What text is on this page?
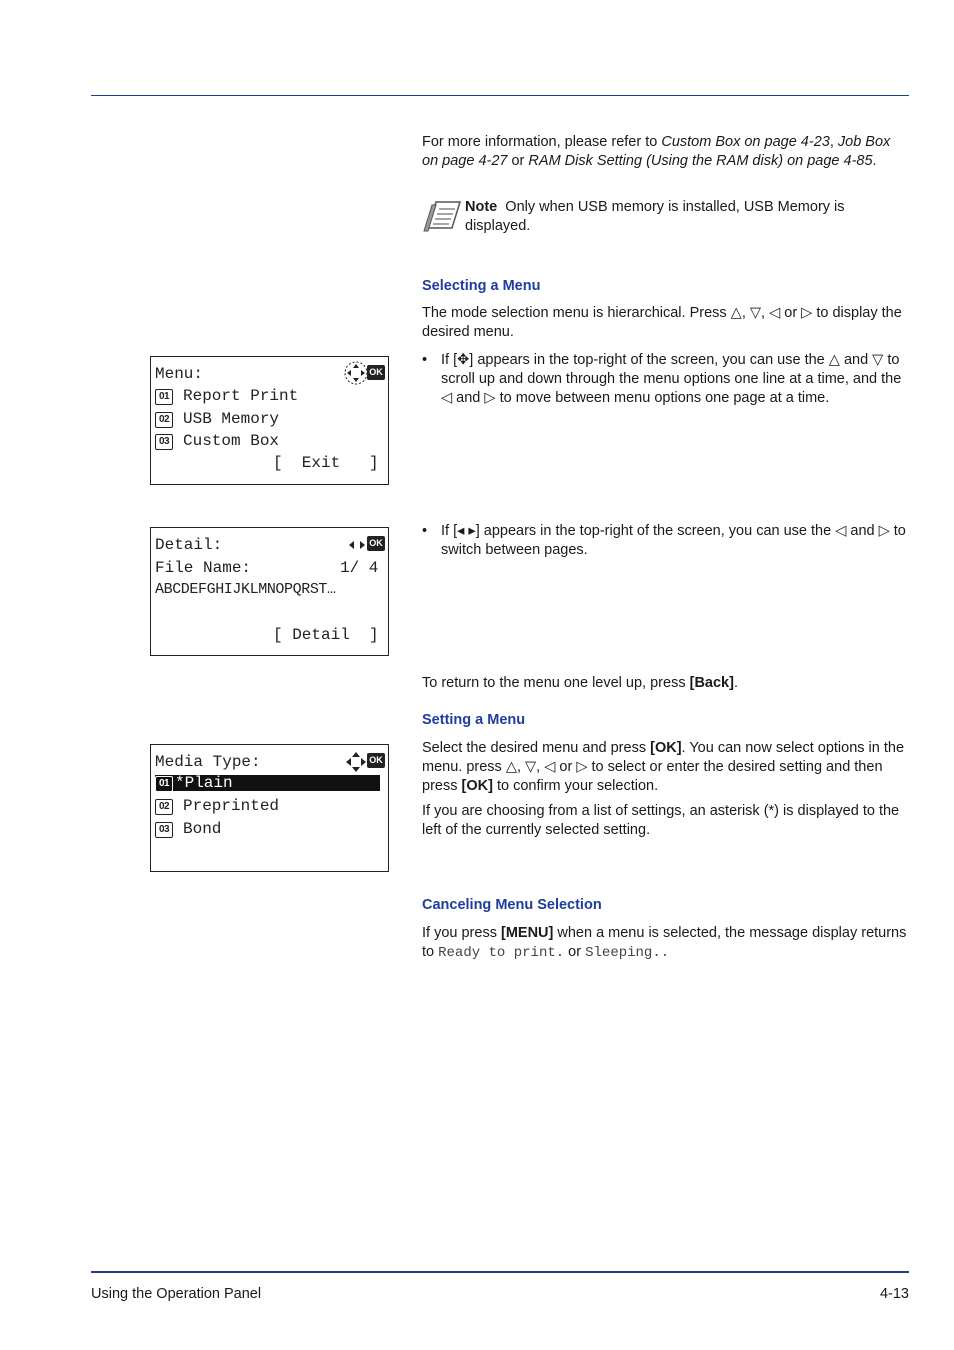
For more information, please refer to Custom Box on page 4-23, Job Box on page 4-27 or RAM Disk Setting (Using the RAM disk) on page 4-85.

Note Only when USB memory is installed, USB Memory is displayed.

Selecting a Menu

The mode selection menu is hierarchical. Press △, ▽, ◁ or ▷ to display the desired menu.

• If [✥] appears in the top-right of the screen, you can use the △ and ▽ to scroll up and down through the menu options one line at a time, and the ◁ and ▷ to move between menu options one page at a time.
• If [◂ ▸] appears in the top-right of the screen, you can use the ◁ and ▷ to switch between pages.

To return to the menu one level up, press [Back].

Setting a Menu

Select the desired menu and press [OK]. You can now select options in the menu. press △, ▽, ◁ or ▷ to select or enter the desired setting and then press [OK] to confirm your selection.

If you are choosing from a list of settings, an asterisk (*) is displayed to the left of the currently selected setting.

Canceling Menu Selection

If you press [MENU] when a menu is selected, the message display returns to Ready to print. or Sleeping..

Menu:	OK
01 Report Print
02 USB Memory
03 Custom Box
[  Exit   ]
Detail:	OK
File Name:	1/ 4
ABCDEFGHIJKLMNOPQRST…
[ Detail  ]
Media Type:	OK
01 *Plain
02 Preprinted
03 Bond
Using the Operation Panel	4-13
